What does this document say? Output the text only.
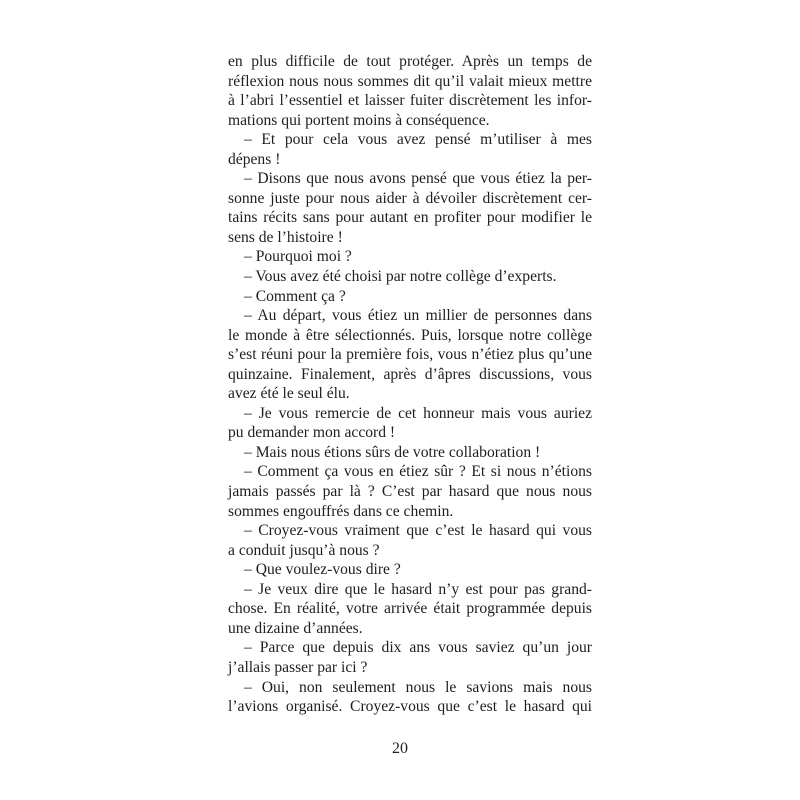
en plus difficile de tout protéger. Après un temps de
réflexion nous nous sommes dit qu’il valait mieux mettre
à l’abri l’essentiel et laisser fuiter discrètement les infor-
mations qui portent moins à conséquence.
– Et pour cela vous avez pensé m’utiliser à mes
dépens !
– Disons que nous avons pensé que vous étiez la per-
sonne juste pour nous aider à dévoiler discrètement cer-
tains récits sans pour autant en profiter pour modifier le
sens de l’histoire !
– Pourquoi moi ?
– Vous avez été choisi par notre collège d’experts.
– Comment ça ?
– Au départ, vous étiez un millier de personnes dans
le monde à être sélectionnés. Puis, lorsque notre collège
s’est réuni pour la première fois, vous n’étiez plus qu’une
quinzaine. Finalement, après d’âpres discussions, vous
avez été le seul élu.
– Je vous remercie de cet honneur mais vous auriez
pu demander mon accord !
– Mais nous étions sûrs de votre collaboration !
– Comment ça vous en étiez sûr ? Et si nous n’étions
jamais passés par là ? C’est par hasard que nous nous
sommes engouffrés dans ce chemin.
– Croyez-vous vraiment que c’est le hasard qui vous
a conduit jusqu’à nous ?
– Que voulez-vous dire ?
– Je veux dire que le hasard n’y est pour pas grand-
chose. En réalité, votre arrivée était programmée depuis
une dizaine d’années.
– Parce que depuis dix ans vous saviez qu’un jour
j’allais passer par ici ?
– Oui, non seulement nous le savions mais nous
l’avions organisé. Croyez-vous que c’est le hasard qui
20
